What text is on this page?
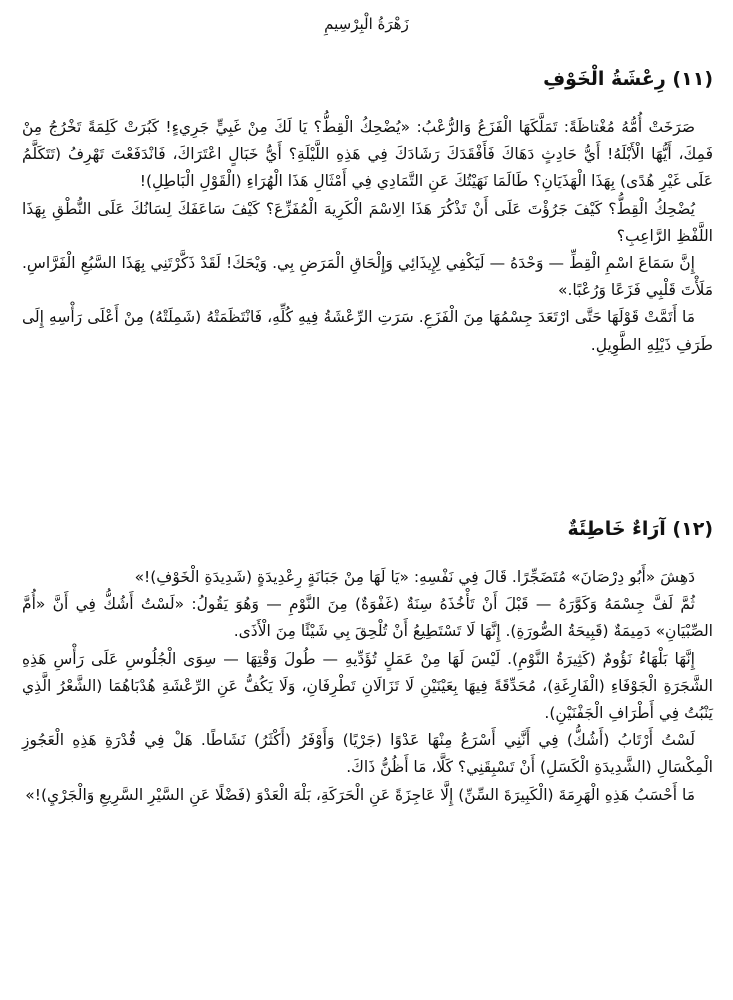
زَهْرَةُ الْبِرْسِيمِ
(١١) رِعْشَةُ الْخَوْفِ

صَرَخَتْ أُمُّهُ مُغْتاظَةً: تَمَلَّكَهَا الْفَزَعُ وَالرُّعْبُ: «يُضْحِكُ الْقِطُّ؟ يَا لَكَ مِنْ غَبِيٍّ جَرِيءٍ! كَبُرَتْ كَلِمَةً تَخْرُجُ مِنْ فَمِكَ، أَيُّهَا الْأَبْلَهُ! أَيُّ حَادِثٍ دَهَاكَ فَأَفْقَدَكَ رَشَادَكَ فِي هَذِهِ اللَّيْلَةِ؟ أَيُّ خَبَالٍ اعْتَرَاكَ، فَانْدَفَعْتَ تَهْرِفُ (تَتَكَلَّمُ عَلَى غَيْرِ هُدًى) بِهَذَا الْهَذَيَانِ؟ طَالَمَا نَهَيْتُكَ عَنِ التَّمَادِي فِي أَمْثَالِ هَذَا الْهُرَاءِ (الْقَوْلِ الْبَاطِلِ)!

يُضْحِكُ الْقِطُّ؟ كَيْفَ جَرُؤْتَ عَلَى أَنْ تَذْكُرَ هَذَا الِاسْمَ الْكَرِيهَ الْمُفَزِّعَ؟ كَيْفَ سَاعَفَكَ لِسَانُكَ عَلَى النُّطْقِ بِهَذَا اللَّفْظِ الرَّاعِبِ؟

إِنَّ سَمَاعَ اسْمِ الْقِطِّ — وَحْدَهُ — لَيَكْفِي لِإِيذَائِي وَإِلْحَاقِ الْمَرَضِ بِي. وَيْحَكَ! لَقَدْ ذَكَّرْتَنِي بِهَذَا السَّبُعِ الْفَرَّاسِ. مَلَأْتَ قَلْبِي فَزَعًا وَرُعْبًا.»

مَا أَتَمَّتْ قَوْلَهَا حَتَّى ارْتَعَدَ جِسْمُهَا مِنَ الْفَزَعِ. سَرَتِ الرِّعْشَةُ فِيهِ كُلِّهِ، فَانْتَظَمَتْهُ (شَمِلَتْهُ) مِنْ أَعْلَى رَأْسِهِ إِلَى طَرَفِ ذَيْلِهِ الطَّوِيلِ.

(١٢) آرَاءٌ خَاطِئَةٌ

دَهِشَ «أَبُو دِرْصَانَ» مُتَضَجِّرًا. قَالَ فِي نَفْسِهِ: «يَا لَهَا مِنْ جَبَانَةٍ رِعْدِيدَةٍ (شَدِيدَةِ الْخَوْفِ)!»

ثُمَّ لَفَّ جِسْمَهُ وَكَوَّرَهُ — قَبْلَ أَنْ تَأْخُذَهُ سِنَةٌ (غَفْوَةٌ) مِنَ النَّوْمِ — وَهُوَ يَقُولُ: «لَسْتُ أَشُكُّ فِي أَنَّ «أُمَّ الصِّبْيَانِ» دَمِيمَةٌ (قَبِيحَةُ الصُّورَةِ). إِنَّهَا لَا تَسْتَطِيعُ أَنْ تُلْحِقَ بِي شَيْئًا مِنَ الْأَذَى.

إِنَّهَا بَلْهَاءُ نَؤُومٌ (كَثِيرَةُ النَّوْمِ). لَيْسَ لَهَا مِنْ عَمَلٍ تُؤَدِّيهِ — طُولَ وَقْتِهَا — سِوَى الْجُلُوسِ عَلَى رَأْسِ هَذِهِ الشَّجَرَةِ الْجَوْفَاءِ (الْفَارِغَةِ)، مُحَدِّقَةً فِيهَا بِعَيْنَيْنِ لَا تَزَالَانِ تَطْرِفَانِ، وَلَا يَكُفُّ عَنِ الرِّعْشَةِ هُدْبَاهُمَا (الشَّعْرُ الَّذِي يَنْبُتُ فِي أَطْرَافِ الْجَفْنَيْنِ).

لَسْتُ أَرْتَابُ (أَشُكُّ) فِي أَنَّنِي أَسْرَعُ مِنْهَا عَدْوًا (جَرْيًا) وَأَوْفَرُ (أَكْثَرُ) نَشَاطًا. هَلْ فِي قُدْرَةِ هَذِهِ الْعَجُوزِ الْمِكْسَالِ (الشَّدِيدَةِ الْكَسَلِ) أَنْ تَسْبِقَنِي؟ كَلَّا، مَا أَظُنُّ ذَاكَ.

مَا أَحْسَبُ هَذِهِ الْهَرِمَةَ (الْكَبِيرَةَ السِّنِّ) إِلَّا عَاجِزَةً عَنِ الْحَرَكَةِ، بَلْهَ الْعَدْوَ (فَضْلًا عَنِ السَّيْرِ السَّرِيعِ وَالْجَرْيِ)!»
